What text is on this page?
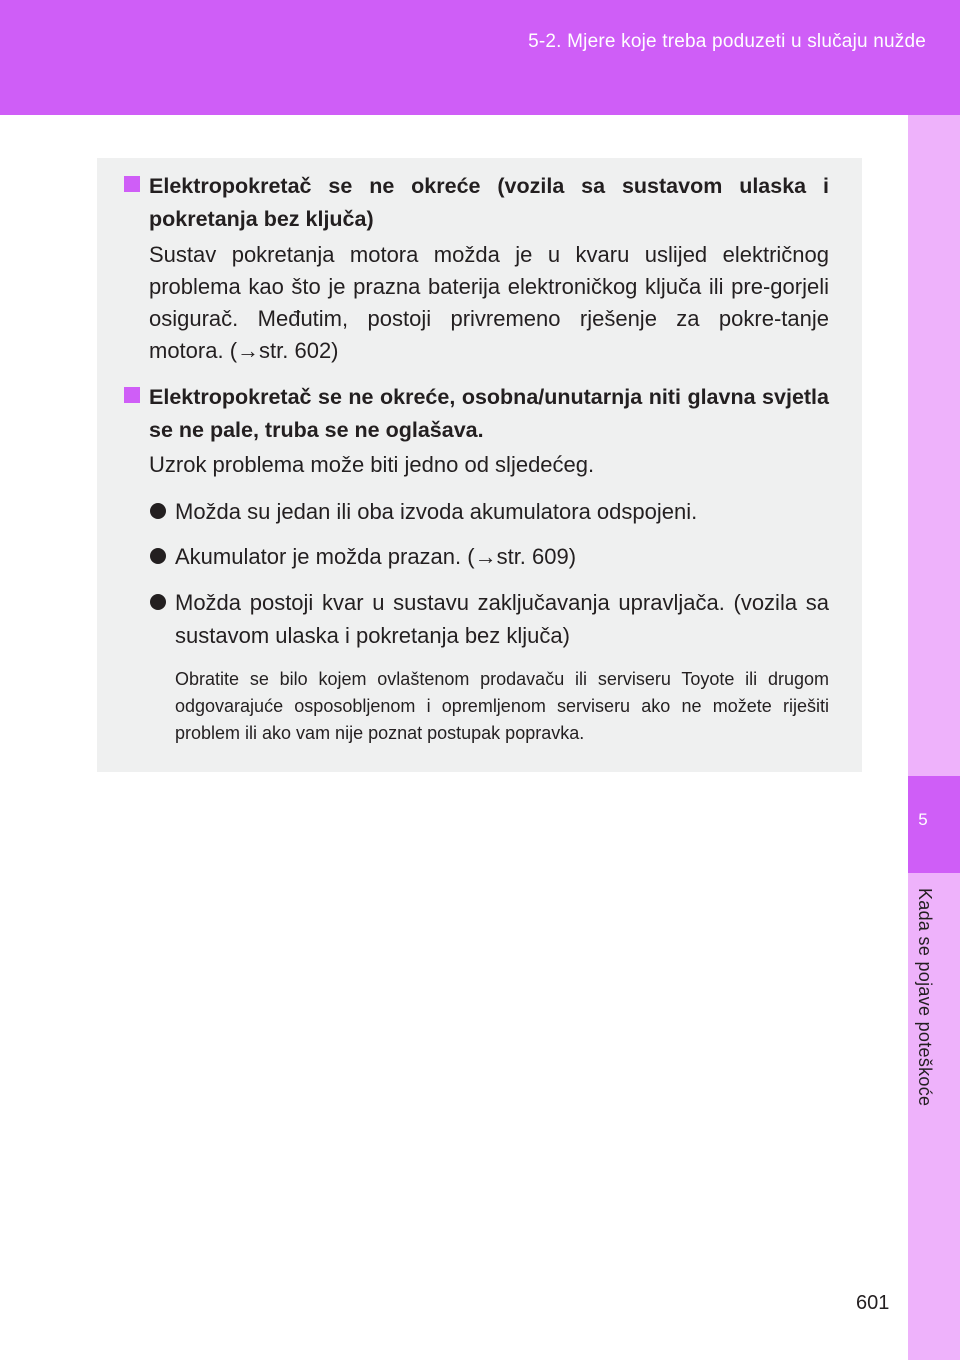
5-2. Mjere koje treba poduzeti u slučaju nužde
5
Kada se pojave poteškoće
Elektropokretač se ne okreće (vozila sa sustavom ulaska i pokretanja bez ključa)
Sustav pokretanja motora možda je u kvaru uslijed električnog problema kao što je prazna baterija elektroničkog ključa ili pre-gorjeli osigurač. Međutim, postoji privremeno rješenje za pokre-tanje motora. (→str. 602)
Elektropokretač se ne okreće, osobna/unutarnja niti glavna svjetla se ne pale, truba se ne oglašava.
Uzrok problema može biti jedno od sljedećeg.
Možda su jedan ili oba izvoda akumulatora odspojeni.
Akumulator je možda prazan. (→str. 609)
Možda postoji kvar u sustavu zaključavanja upravljača. (vozila sa sustavom ulaska i pokretanja bez ključa)
Obratite se bilo kojem ovlaštenom prodavaču ili serviseru Toyote ili drugom odgovarajuće osposobljenom i opremljenom serviseru ako ne možete riješiti problem ili ako vam nije poznat postupak popravka.
601
